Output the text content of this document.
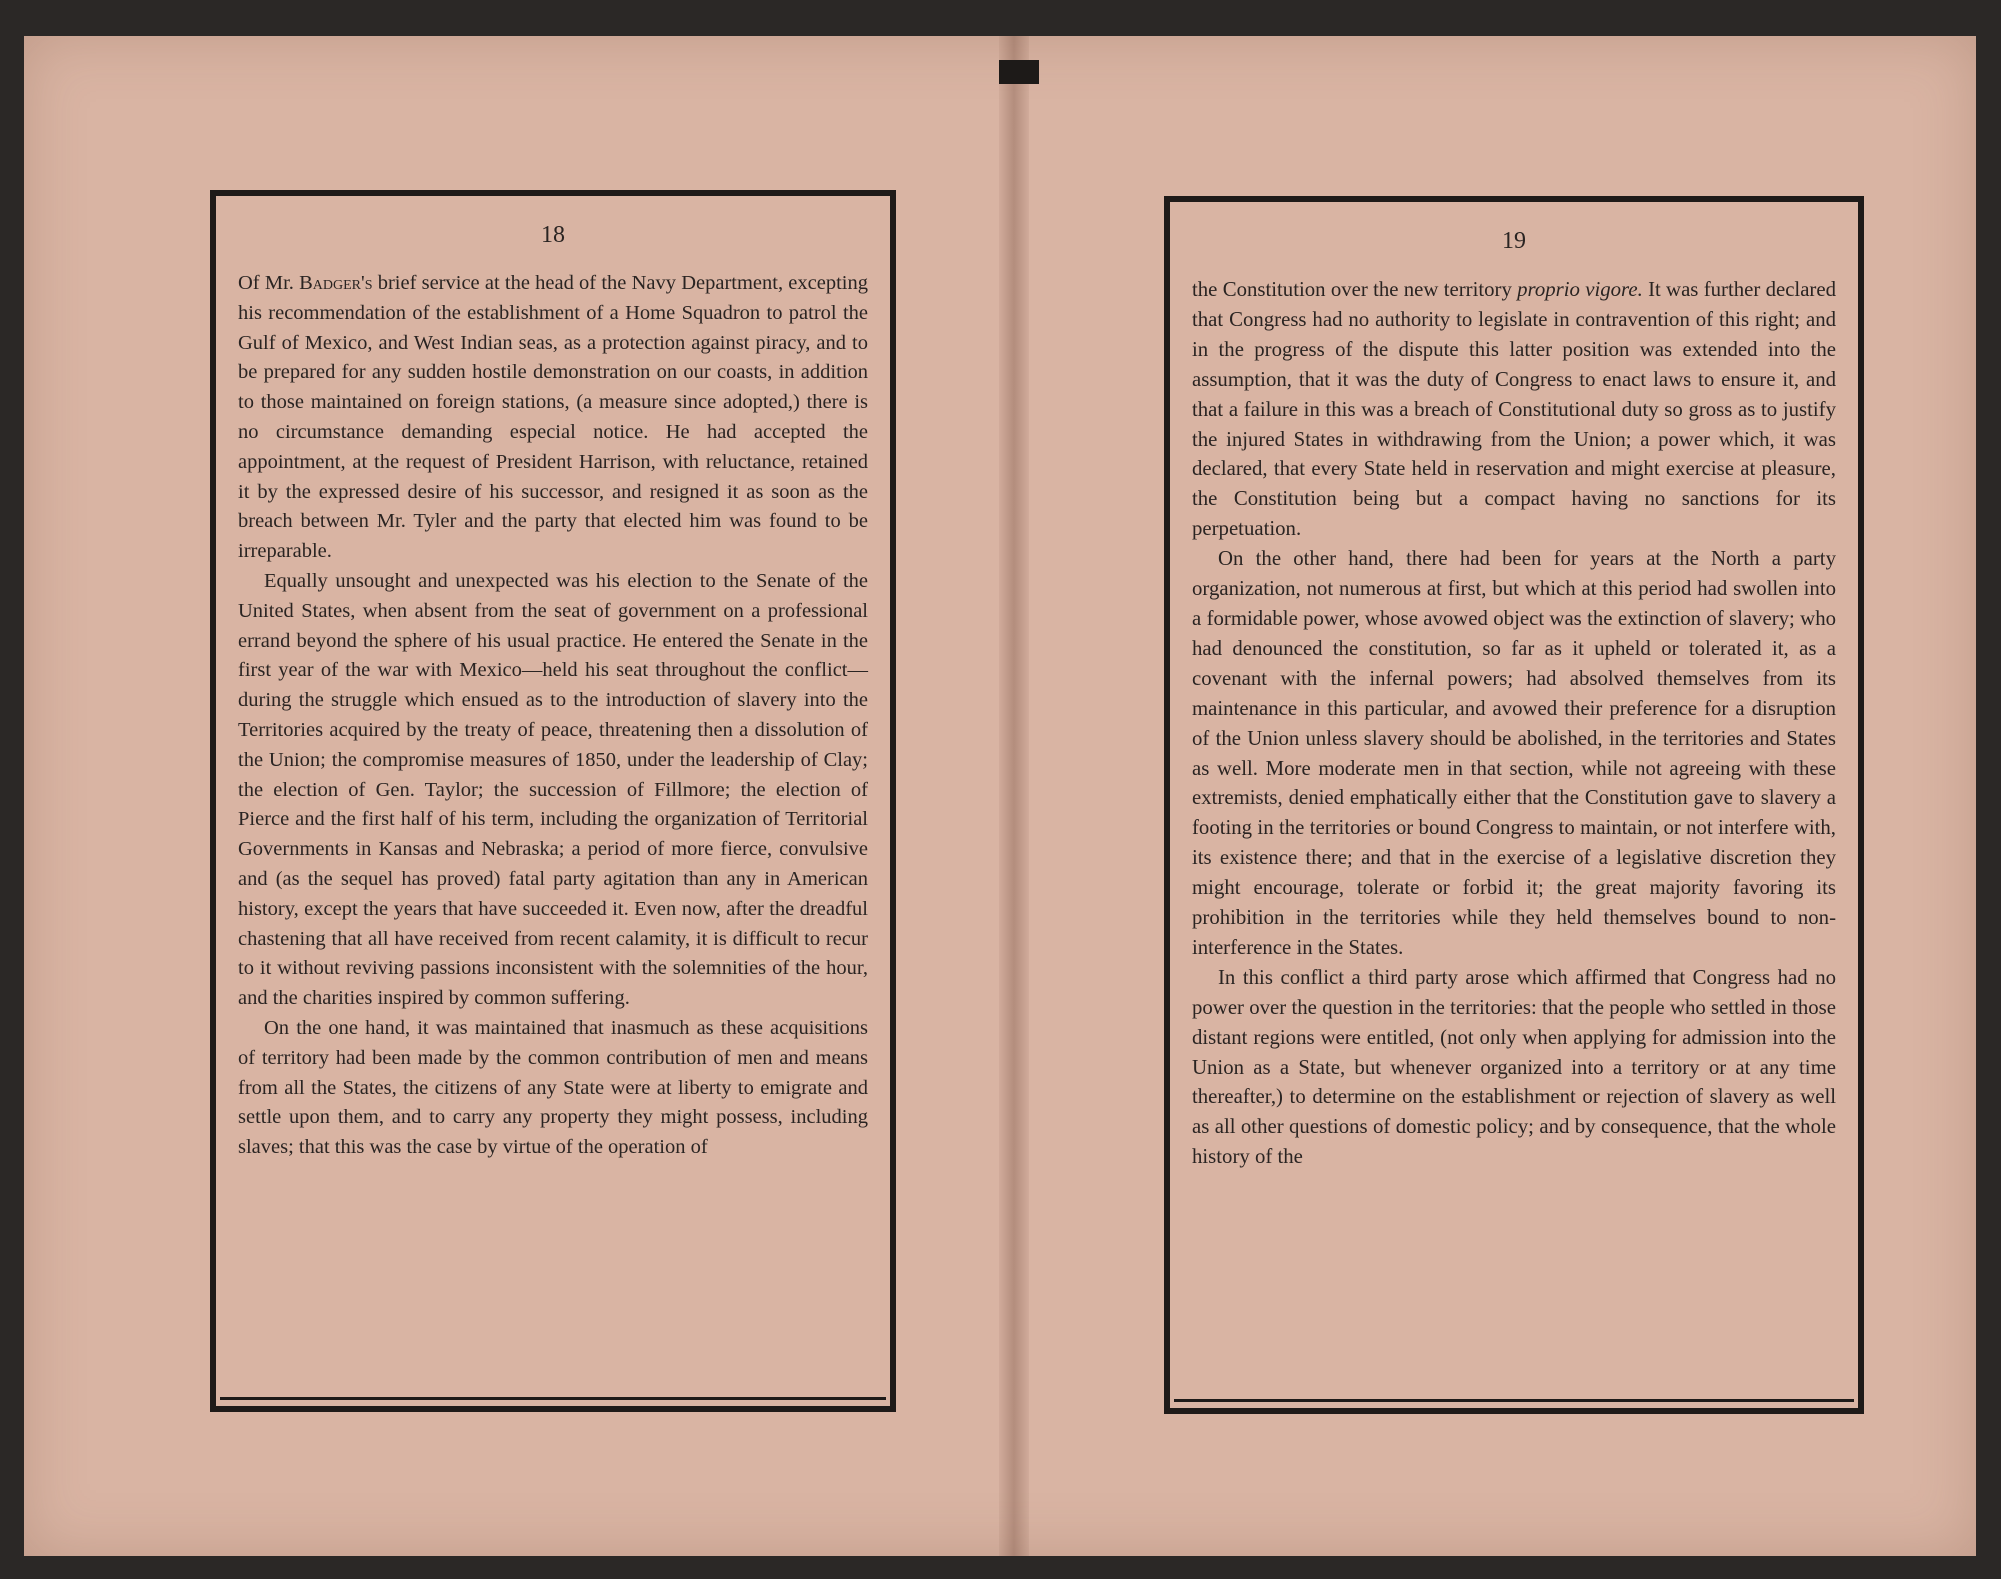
18

Of Mr. Badger's brief service at the head of the Navy Department, excepting his recommendation of the establishment of a Home Squadron to patrol the Gulf of Mexico, and West Indian seas, as a protection against piracy, and to be prepared for any sudden hostile demonstration on our coasts, in addition to those maintained on foreign stations, (a measure since adopted,) there is no circumstance demanding especial notice. He had accepted the appointment, at the request of President Harrison, with reluctance, retained it by the expressed desire of his successor, and resigned it as soon as the breach between Mr. Tyler and the party that elected him was found to be irreparable.

Equally unsought and unexpected was his election to the Senate of the United States, when absent from the seat of government on a professional errand beyond the sphere of his usual practice. He entered the Senate in the first year of the war with Mexico—held his seat throughout the conflict—during the struggle which ensued as to the introduction of slavery into the Territories acquired by the treaty of peace, threatening then a dissolution of the Union; the compromise measures of 1850, under the leadership of Clay; the election of Gen. Taylor; the succession of Fillmore; the election of Pierce and the first half of his term, including the organization of Territorial Governments in Kansas and Nebraska; a period of more fierce, convulsive and (as the sequel has proved) fatal party agitation than any in American history, except the years that have succeeded it. Even now, after the dreadful chastening that all have received from recent calamity, it is difficult to recur to it without reviving passions inconsistent with the solemnities of the hour, and the charities inspired by common suffering.

On the one hand, it was maintained that inasmuch as these acquisitions of territory had been made by the common contribution of men and means from all the States, the citizens of any State were at liberty to emigrate and settle upon them, and to carry any property they might possess, including slaves; that this was the case by virtue of the operation of

19

the Constitution over the new territory proprio vigore. It was further declared that Congress had no authority to legislate in contravention of this right; and in the progress of the dispute this latter position was extended into the assumption, that it was the duty of Congress to enact laws to ensure it, and that a failure in this was a breach of Constitutional duty so gross as to justify the injured States in withdrawing from the Union; a power which, it was declared, that every State held in reservation and might exercise at pleasure, the Constitution being but a compact having no sanctions for its perpetuation.

On the other hand, there had been for years at the North a party organization, not numerous at first, but which at this period had swollen into a formidable power, whose avowed object was the extinction of slavery; who had denounced the constitution, so far as it upheld or tolerated it, as a covenant with the infernal powers; had absolved themselves from its maintenance in this particular, and avowed their preference for a disruption of the Union unless slavery should be abolished, in the territories and States as well. More moderate men in that section, while not agreeing with these extremists, denied emphatically either that the Constitution gave to slavery a footing in the territories or bound Congress to maintain, or not interfere with, its existence there; and that in the exercise of a legislative discretion they might encourage, tolerate or forbid it; the great majority favoring its prohibition in the territories while they held themselves bound to non-interference in the States.

In this conflict a third party arose which affirmed that Congress had no power over the question in the territories: that the people who settled in those distant regions were entitled, (not only when applying for admission into the Union as a State, but whenever organized into a territory or at any time thereafter,) to determine on the establishment or rejection of slavery as well as all other questions of domestic policy; and by consequence, that the whole history of the
